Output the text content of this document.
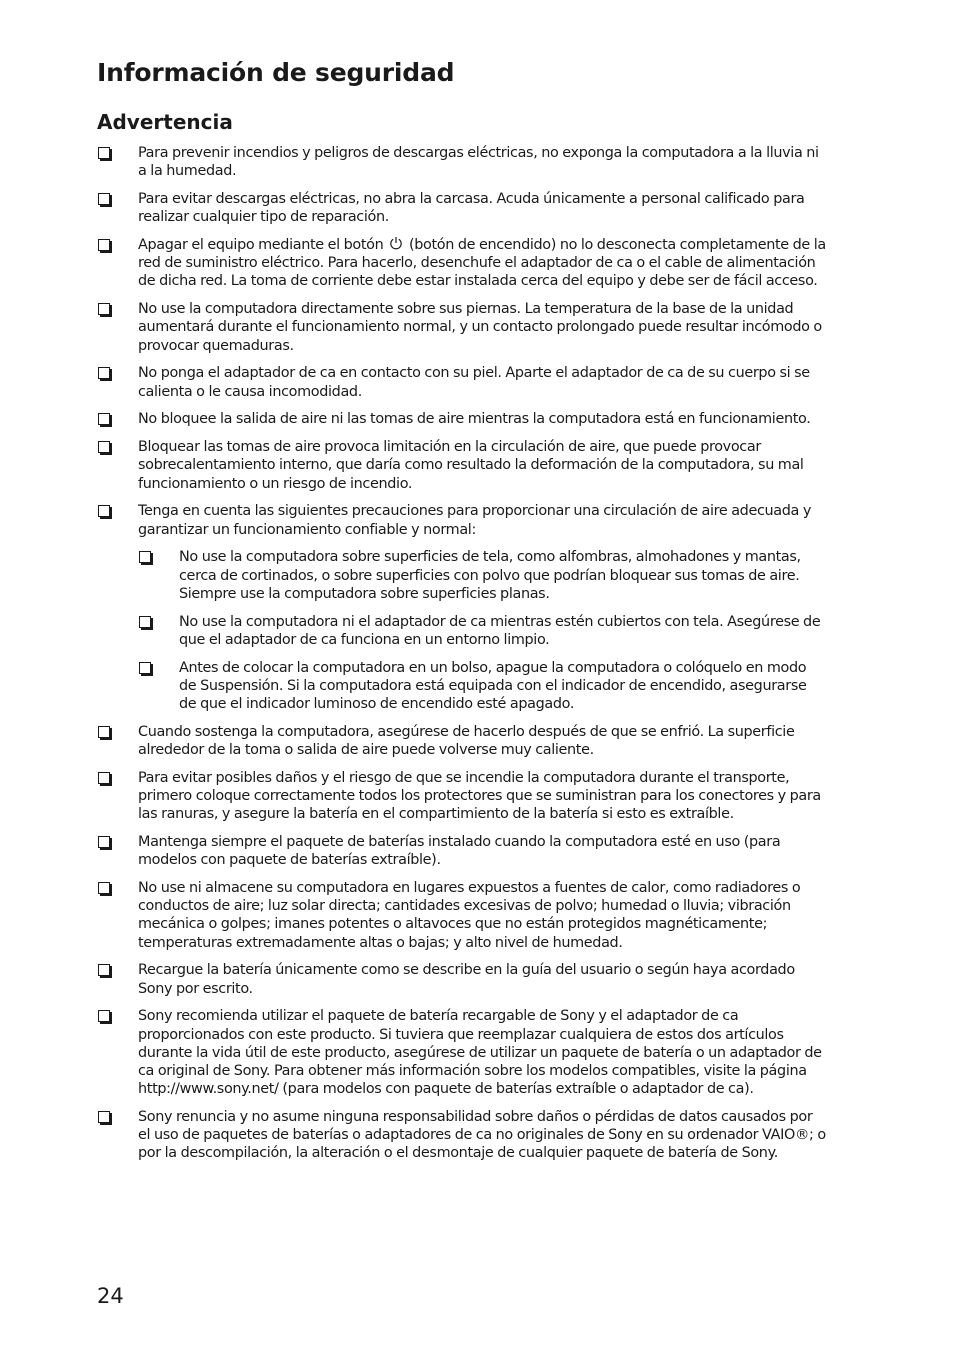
Información de seguridad
Advertencia
Para prevenir incendios y peligros de descargas eléctricas, no exponga la computadora a la lluvia ni a la humedad.
Para evitar descargas eléctricas, no abra la carcasa. Acuda únicamente a personal calificado para realizar cualquier tipo de reparación.
Apagar el equipo mediante el botón (botón de encendido) no lo desconecta completamente de la red de suministro eléctrico. Para hacerlo, desenchufe el adaptador de ca o el cable de alimentación de dicha red. La toma de corriente debe estar instalada cerca del equipo y debe ser de fácil acceso.
No use la computadora directamente sobre sus piernas. La temperatura de la base de la unidad aumentará durante el funcionamiento normal, y un contacto prolongado puede resultar incómodo o provocar quemaduras.
No ponga el adaptador de ca en contacto con su piel. Aparte el adaptador de ca de su cuerpo si se calienta o le causa incomodidad.
No bloquee la salida de aire ni las tomas de aire mientras la computadora está en funcionamiento.
Bloquear las tomas de aire provoca limitación en la circulación de aire, que puede provocar sobrecalentamiento interno, que daría como resultado la deformación de la computadora, su mal funcionamiento o un riesgo de incendio.
Tenga en cuenta las siguientes precauciones para proporcionar una circulación de aire adecuada y garantizar un funcionamiento confiable y normal:
No use la computadora sobre superficies de tela, como alfombras, almohadones y mantas, cerca de cortinados, o sobre superficies con polvo que podrían bloquear sus tomas de aire. Siempre use la computadora sobre superficies planas.
No use la computadora ni el adaptador de ca mientras estén cubiertos con tela. Asegúrese de que el adaptador de ca funciona en un entorno limpio.
Antes de colocar la computadora en un bolso, apague la computadora o colóquelo en modo de Suspensión. Si la computadora está equipada con el indicador de encendido, asegurarse de que el indicador luminoso de encendido esté apagado.
Cuando sostenga la computadora, asegúrese de hacerlo después de que se enfrió. La superficie alrededor de la toma o salida de aire puede volverse muy caliente.
Para evitar posibles daños y el riesgo de que se incendie la computadora durante el transporte, primero coloque correctamente todos los protectores que se suministran para los conectores y para las ranuras, y asegure la batería en el compartimiento de la batería si esto es extraíble.
Mantenga siempre el paquete de baterías instalado cuando la computadora esté en uso (para modelos con paquete de baterías extraíble).
No use ni almacene su computadora en lugares expuestos a fuentes de calor, como radiadores o conductos de aire; luz solar directa; cantidades excesivas de polvo; humedad o lluvia; vibración mecánica o golpes; imanes potentes o altavoces que no están protegidos magnéticamente; temperaturas extremadamente altas o bajas; y alto nivel de humedad.
Recargue la batería únicamente como se describe en la guía del usuario o según haya acordado Sony por escrito.
Sony recomienda utilizar el paquete de batería recargable de Sony y el adaptador de ca proporcionados con este producto. Si tuviera que reemplazar cualquiera de estos dos artículos durante la vida útil de este producto, asegúrese de utilizar un paquete de batería o un adaptador de ca original de Sony. Para obtener más información sobre los modelos compatibles, visite la página http://www.sony.net/ (para modelos con paquete de baterías extraíble o adaptador de ca).
Sony renuncia y no asume ninguna responsabilidad sobre daños o pérdidas de datos causados por el uso de paquetes de baterías o adaptadores de ca no originales de Sony en su ordenador VAIO®; o por la descompilación, la alteración o el desmontaje de cualquier paquete de batería de Sony.
24
